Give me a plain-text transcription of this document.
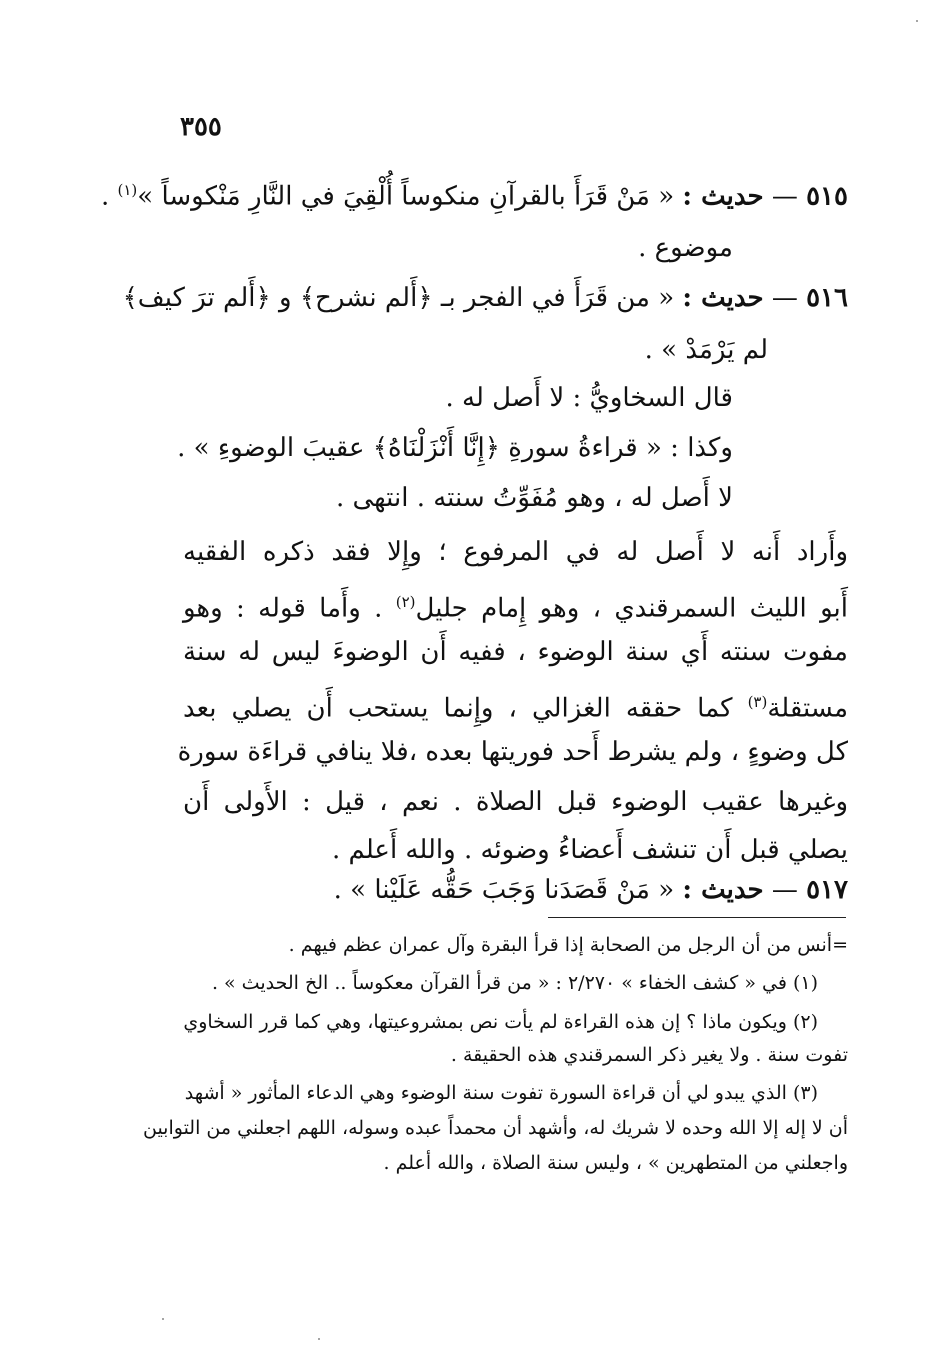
٣٥٥
٥١٥ — حديث : « مَنْ قَرَأَ بالقرآنِ منكوساً أُلْقِيَ في النَّارِ مَنْكوساً »$^{(١)}$ .
موضوع .
٥١٦ — حديث : « من قَرَأَ في الفجر بـ ﴿أَلم نشرح﴾ و ﴿أَلم ترَ كيف﴾
لم يَرْمَدْ » .
قال السخاويُّ : لا أَصل له .
وكذا : « قراءةُ سورةِ ﴿إِنَّا أَنْزَلْنَاهُ﴾ عقيبَ الوضوءِ » .
لا أَصل له ، وهو مُفَوِّتُ سنته . انتهى .
وأَراد أَنه لا أَصل له في المرفوع ؛ وإِلا فقد ذكره الفقيه
أَبو الليث السمرقندي ، وهو إِمام جليل$^{(٢)}$ . وأَما قوله : وهو
مفوت سنته أَي سنة الوضوء ، ففيه أَن الوضوءَ ليس له سنة
مستقلة$^{(٣)}$ كما حققه الغزالي ، وإِنما يستحب أَن يصلي بعد
كل وضوءٍ ، ولم يشرط أَحد فوريتها بعده ،فلا ينافي قراءَة سورة
وغيرها عقيب الوضوء قبل الصلاة . نعم ، قيل : الأَولى أَن
يصلي قبل أَن تنشف أَعضاءُ وضوئه . والله أَعلم .
٥١٧ — حديث : « مَنْ قَصَدَنا وَجَبَ حَقُّه عَلَيْنا » .
=أنس من أن الرجل من الصحابة إذا قرأ البقرة وآل عمران عظم فيهم .
(١) في « كشف الخفاء » ٢/٢٧٠ : « من قرأ القرآن معكوساً .. الخ الحديث » .
(٢) ويكون ماذا ؟ إن هذه القراءة لم يأت نص بمشروعيتها، وهي كما قرر السخاوي
تفوت سنة . ولا يغير ذكر السمرقندي هذه الحقيقة .
(٣) الذي يبدو لي أن قراءة السورة تفوت سنة الوضوء وهي الدعاء المأثور « أشهد
أن لا إله إلا الله وحده لا شريك له، وأشهد أن محمداً عبده وسوله، اللهم اجعلني من التوابين
واجعلني من المتطهرين » ، وليس سنة الصلاة ، والله أعلم .
